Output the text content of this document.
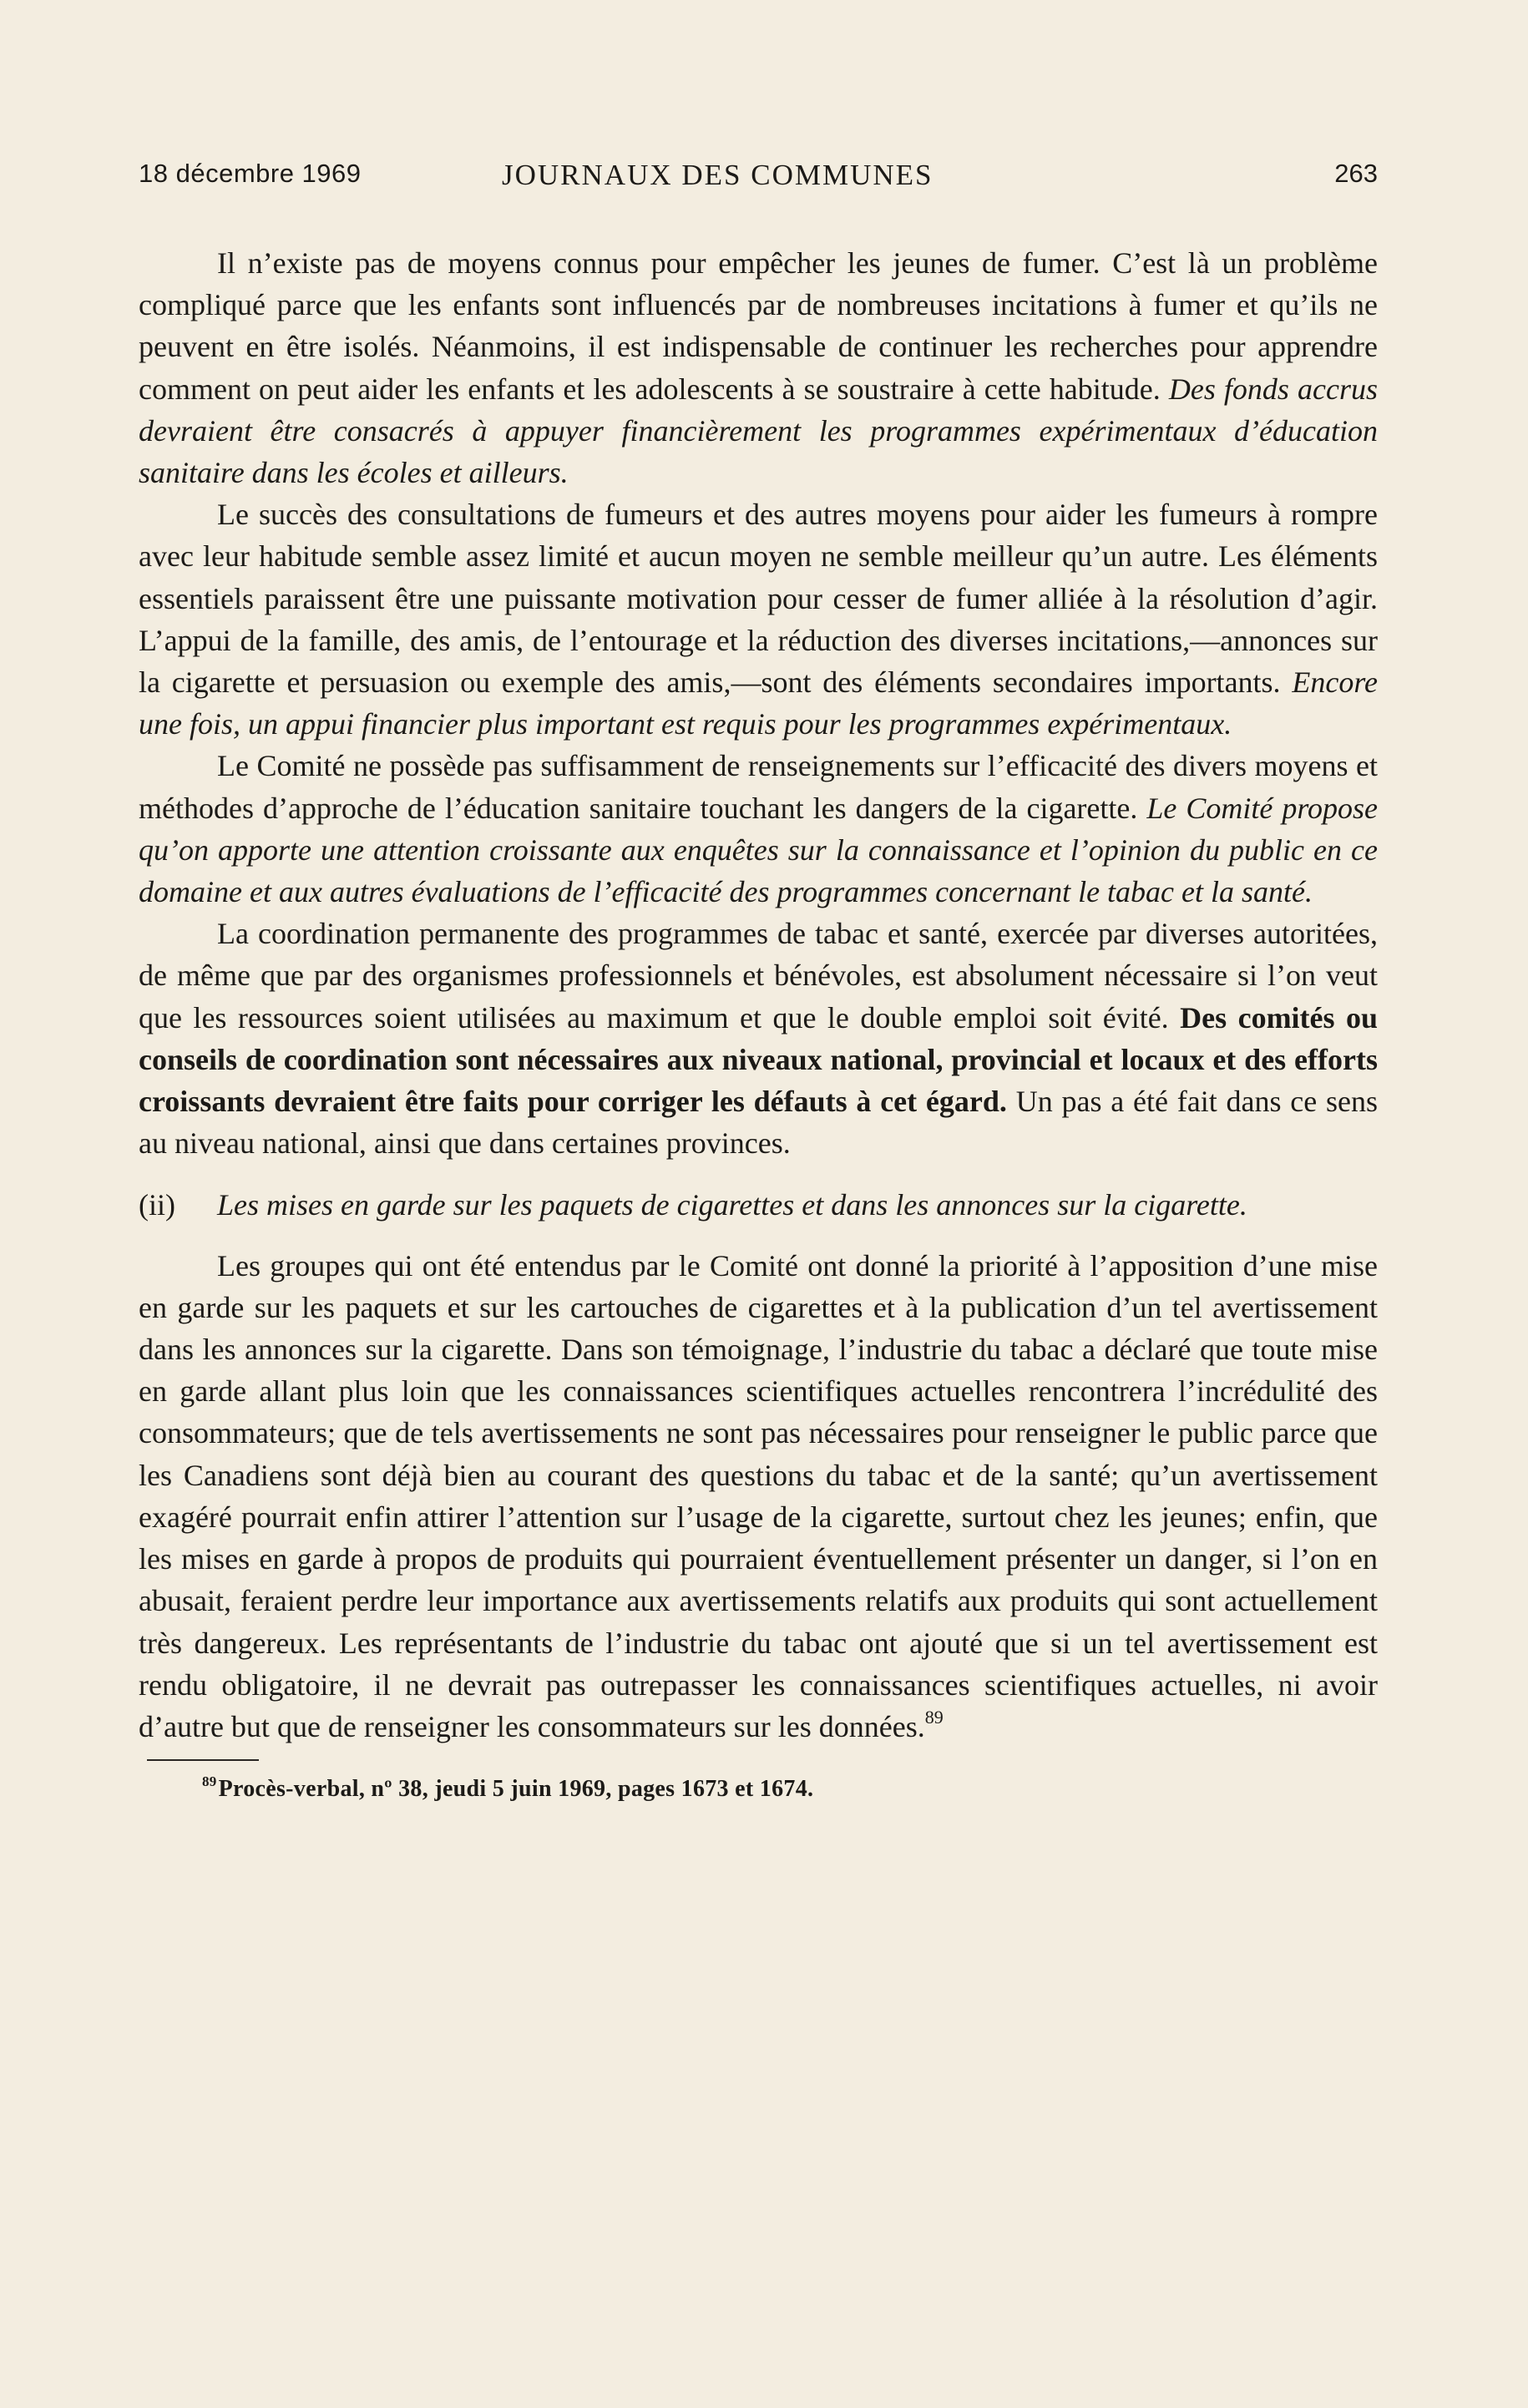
18 décembre 1969	JOURNAUX DES COMMUNES	263

Il n’existe pas de moyens connus pour empêcher les jeunes de fumer. C’est là un problème compliqué parce que les enfants sont influencés par de nombreuses incitations à fumer et qu’ils ne peuvent en être isolés. Néanmoins, il est indispensable de continuer les recherches pour apprendre comment on peut aider les enfants et les adolescents à se soustraire à cette habitude. Des fonds accrus devraient être consacrés à appuyer financièrement les programmes expérimentaux d’éducation sanitaire dans les écoles et ailleurs.

Le succès des consultations de fumeurs et des autres moyens pour aider les fumeurs à rompre avec leur habitude semble assez limité et aucun moyen ne semble meilleur qu’un autre. Les éléments essentiels paraissent être une puissante motivation pour cesser de fumer alliée à la résolution d’agir. L’appui de la famille, des amis, de l’entourage et la réduction des diverses incitations,—annonces sur la cigarette et persuasion ou exemple des amis,—sont des éléments secondaires importants. Encore une fois, un appui financier plus important est requis pour les programmes expérimentaux.

Le Comité ne possède pas suffisamment de renseignements sur l’efficacité des divers moyens et méthodes d’approche de l’éducation sanitaire touchant les dangers de la cigarette. Le Comité propose qu’on apporte une attention croissante aux enquêtes sur la connaissance et l’opinion du public en ce domaine et aux autres évaluations de l’efficacité des programmes concernant le tabac et la santé.

La coordination permanente des programmes de tabac et santé, exercée par diverses autoritées, de même que par des organismes professionnels et bénévoles, est absolument nécessaire si l’on veut que les ressources soient utilisées au maximum et que le double emploi soit évité. Des comités ou conseils de coordination sont nécessaires aux niveaux national, provincial et locaux et des efforts croissants devraient être faits pour corriger les défauts à cet égard. Un pas a été fait dans ce sens au niveau national, ainsi que dans certaines provinces.

(ii)	Les mises en garde sur les paquets de cigarettes et dans les annonces sur la cigarette.

Les groupes qui ont été entendus par le Comité ont donné la priorité à l’apposition d’une mise en garde sur les paquets et sur les cartouches de cigarettes et à la publication d’un tel avertissement dans les annonces sur la cigarette. Dans son témoignage, l’industrie du tabac a déclaré que toute mise en garde allant plus loin que les connaissances scientifiques actuelles rencontrera l’incrédulité des consommateurs; que de tels avertissements ne sont pas nécessaires pour renseigner le public parce que les Canadiens sont déjà bien au courant des questions du tabac et de la santé; qu’un avertissement exagéré pourrait enfin attirer l’attention sur l’usage de la cigarette, surtout chez les jeunes; enfin, que les mises en garde à propos de produits qui pourraient éventuellement présenter un danger, si l’on en abusait, feraient perdre leur importance aux avertissements relatifs aux produits qui sont actuellement très dangereux. Les représentants de l’industrie du tabac ont ajouté que si un tel avertissement est rendu obligatoire, il ne devrait pas outrepasser les connaissances scientifiques actuelles, ni avoir d’autre but que de renseigner les consommateurs sur les données.$^{89}$

$^{89}$Procès-verbal, nº 38, jeudi 5 juin 1969, pages 1673 et 1674.
